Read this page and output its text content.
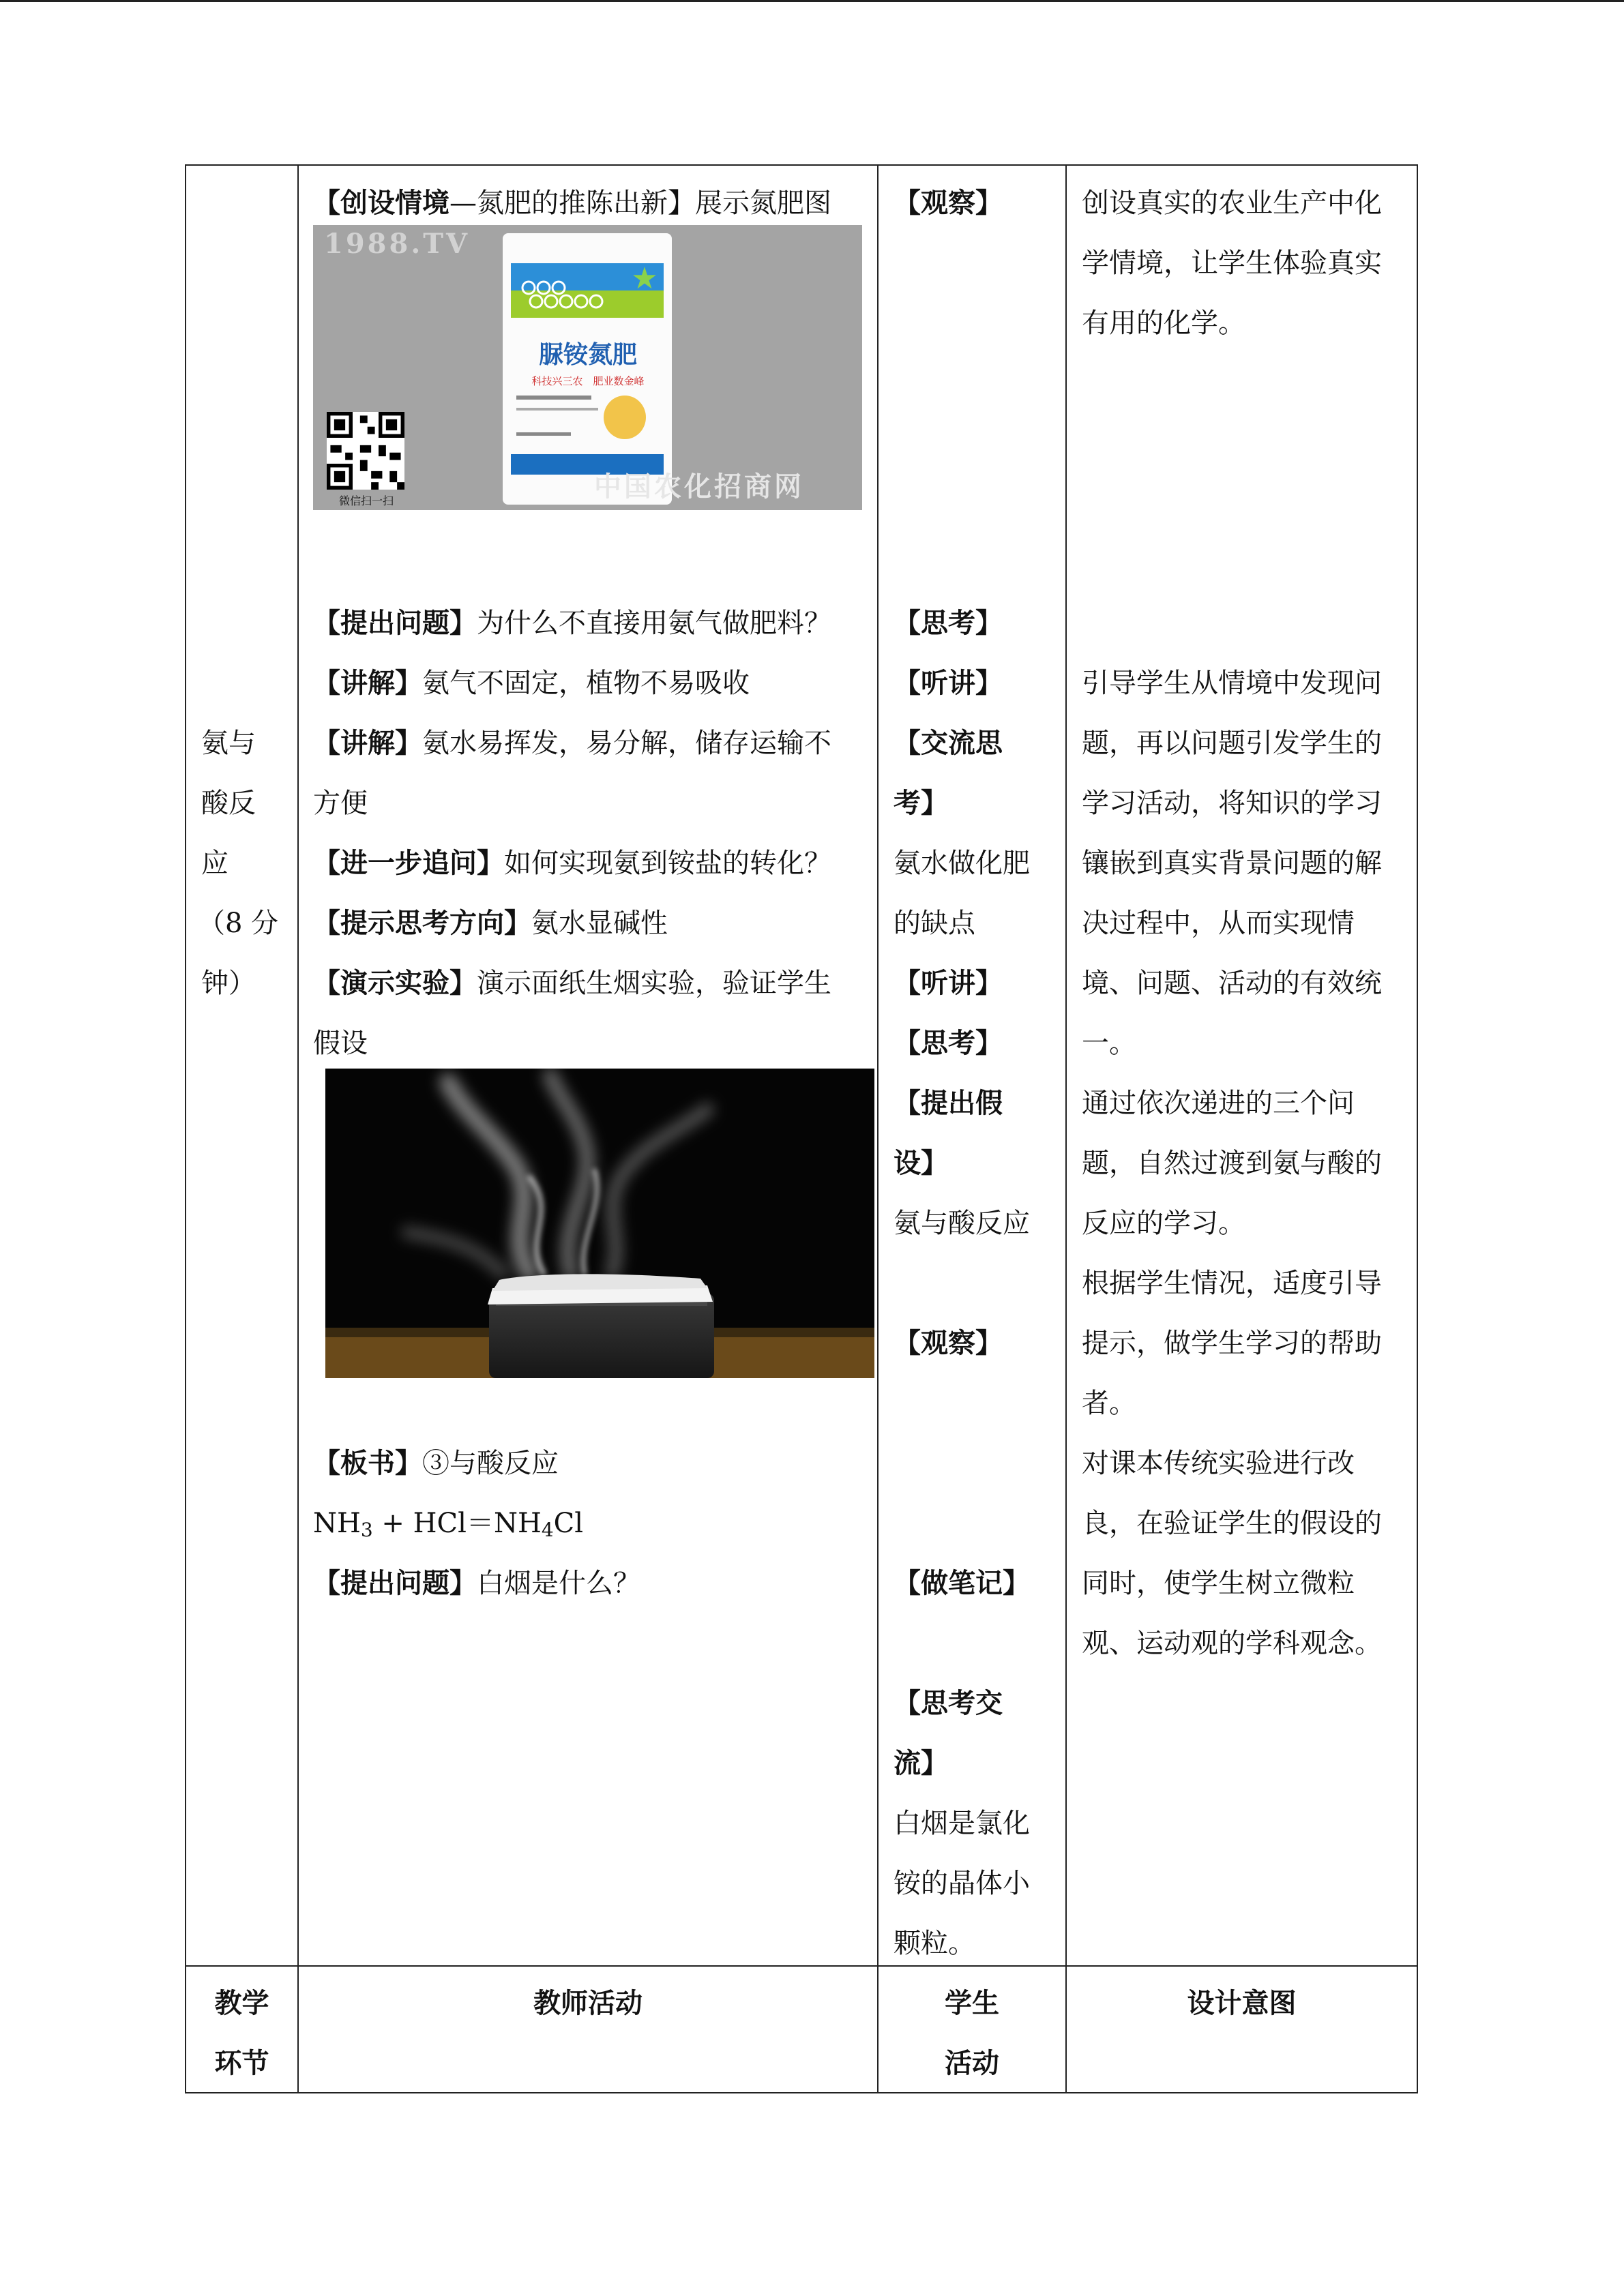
氨与
酸反
应
（8 分
钟）
【创设情境—氮肥的推陈出新】展示氮肥图
1988.TV
★
脲铵氮肥
科技兴三农　肥业数金峰
微信扫一扫	中国农化招商网
【提出问题】为什么不直接用氨气做肥料？
【讲解】氨气不固定，植物不易吸收
【讲解】氨水易挥发，易分解，储存运输不
方便
【进一步追问】如何实现氨到铵盐的转化？
【提示思考方向】氨水显碱性
【演示实验】演示面纸生烟实验，验证学生
假设
【板书】③与酸反应
$NH_3 + HCl=NH_4Cl$
【提出问题】白烟是什么？
【观察】
【思考】
【听讲】
【交流思
考】
氨水做化肥
的缺点
【听讲】
【思考】
【提出假
设】
氨与酸反应
【观察】
【做笔记】
【思考交
流】
白烟是氯化
铵的晶体小
颗粒。
创设真实的农业生产中化
学情境，让学生体验真实
有用的化学。
引导学生从情境中发现问
题，再以问题引发学生的
学习活动，将知识的学习
镶嵌到真实背景问题的解
决过程中，从而实现情
境、问题、活动的有效统
一。
通过依次递进的三个问
题，自然过渡到氨与酸的
反应的学习。
根据学生情况，适度引导
提示，做学生学习的帮助
者。
对课本传统实验进行改
良，在验证学生的假设的
同时，使学生树立微粒
观、运动观的学科观念。
教学
环节
教师活动	学生
活动
设计意图
